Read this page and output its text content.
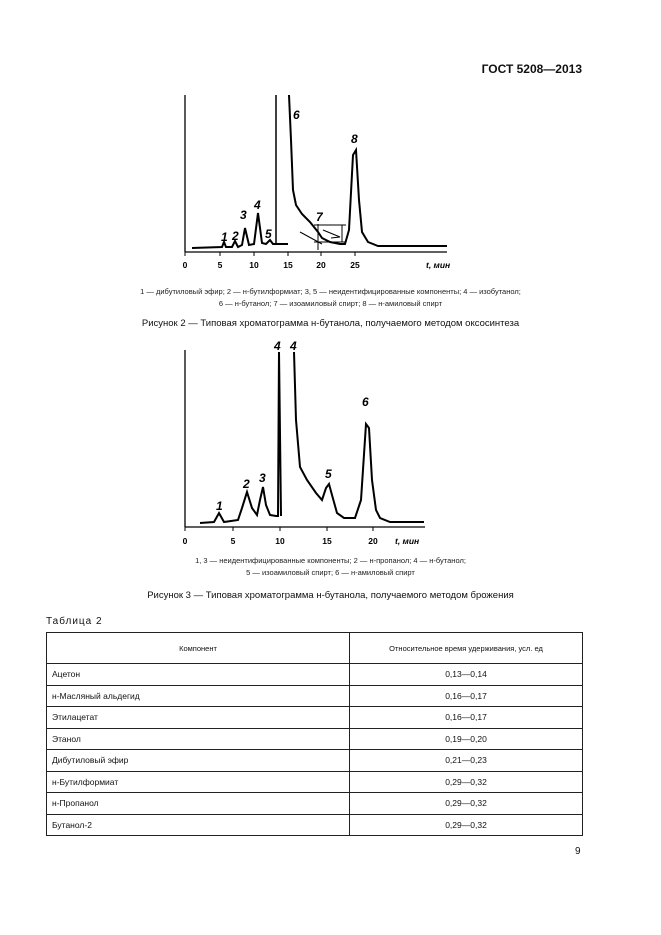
ГОСТ 5208—2013
1 2
3
4
5
6
7
8
0	5	10	15	20	25	t, мин
1 — дибутиловый эфир; 2 — н-бутилформиат; 3, 5 — неидентифицированные компоненты; 4 — изобутанол;
6 — н-бутанол; 7 — изоамиловый спирт; 8 — н-амиловый спирт
Рисунок 2 — Типовая хроматограмма н-бутанола, получаемого методом оксосинтеза
1
2 3
4 4
5
6
0	5	10	15	20 t, мин
1, 3 — неидентифицированные компоненты; 2 — н-пропанол; 4 — н-бутанол;
5 — изоамиловый спирт; 6 — н-амиловый спирт
Рисунок 3 — Типовая хроматограмма н-бутанола, получаемого методом брожения
Таблица 2
Компонент	Относительное время удерживания, усл. ед
Ацетон	0,13—0,14
н-Масляный альдегид	0,16—0,17
Этилацетат	0,16—0,17
Этанол	0,19—0,20
Дибутиловый эфир	0,21—0,23
н-Бутилформиат	0,29—0,32
н-Пропанол	0,29—0,32
Бутанол-2	0,29—0,32
9
